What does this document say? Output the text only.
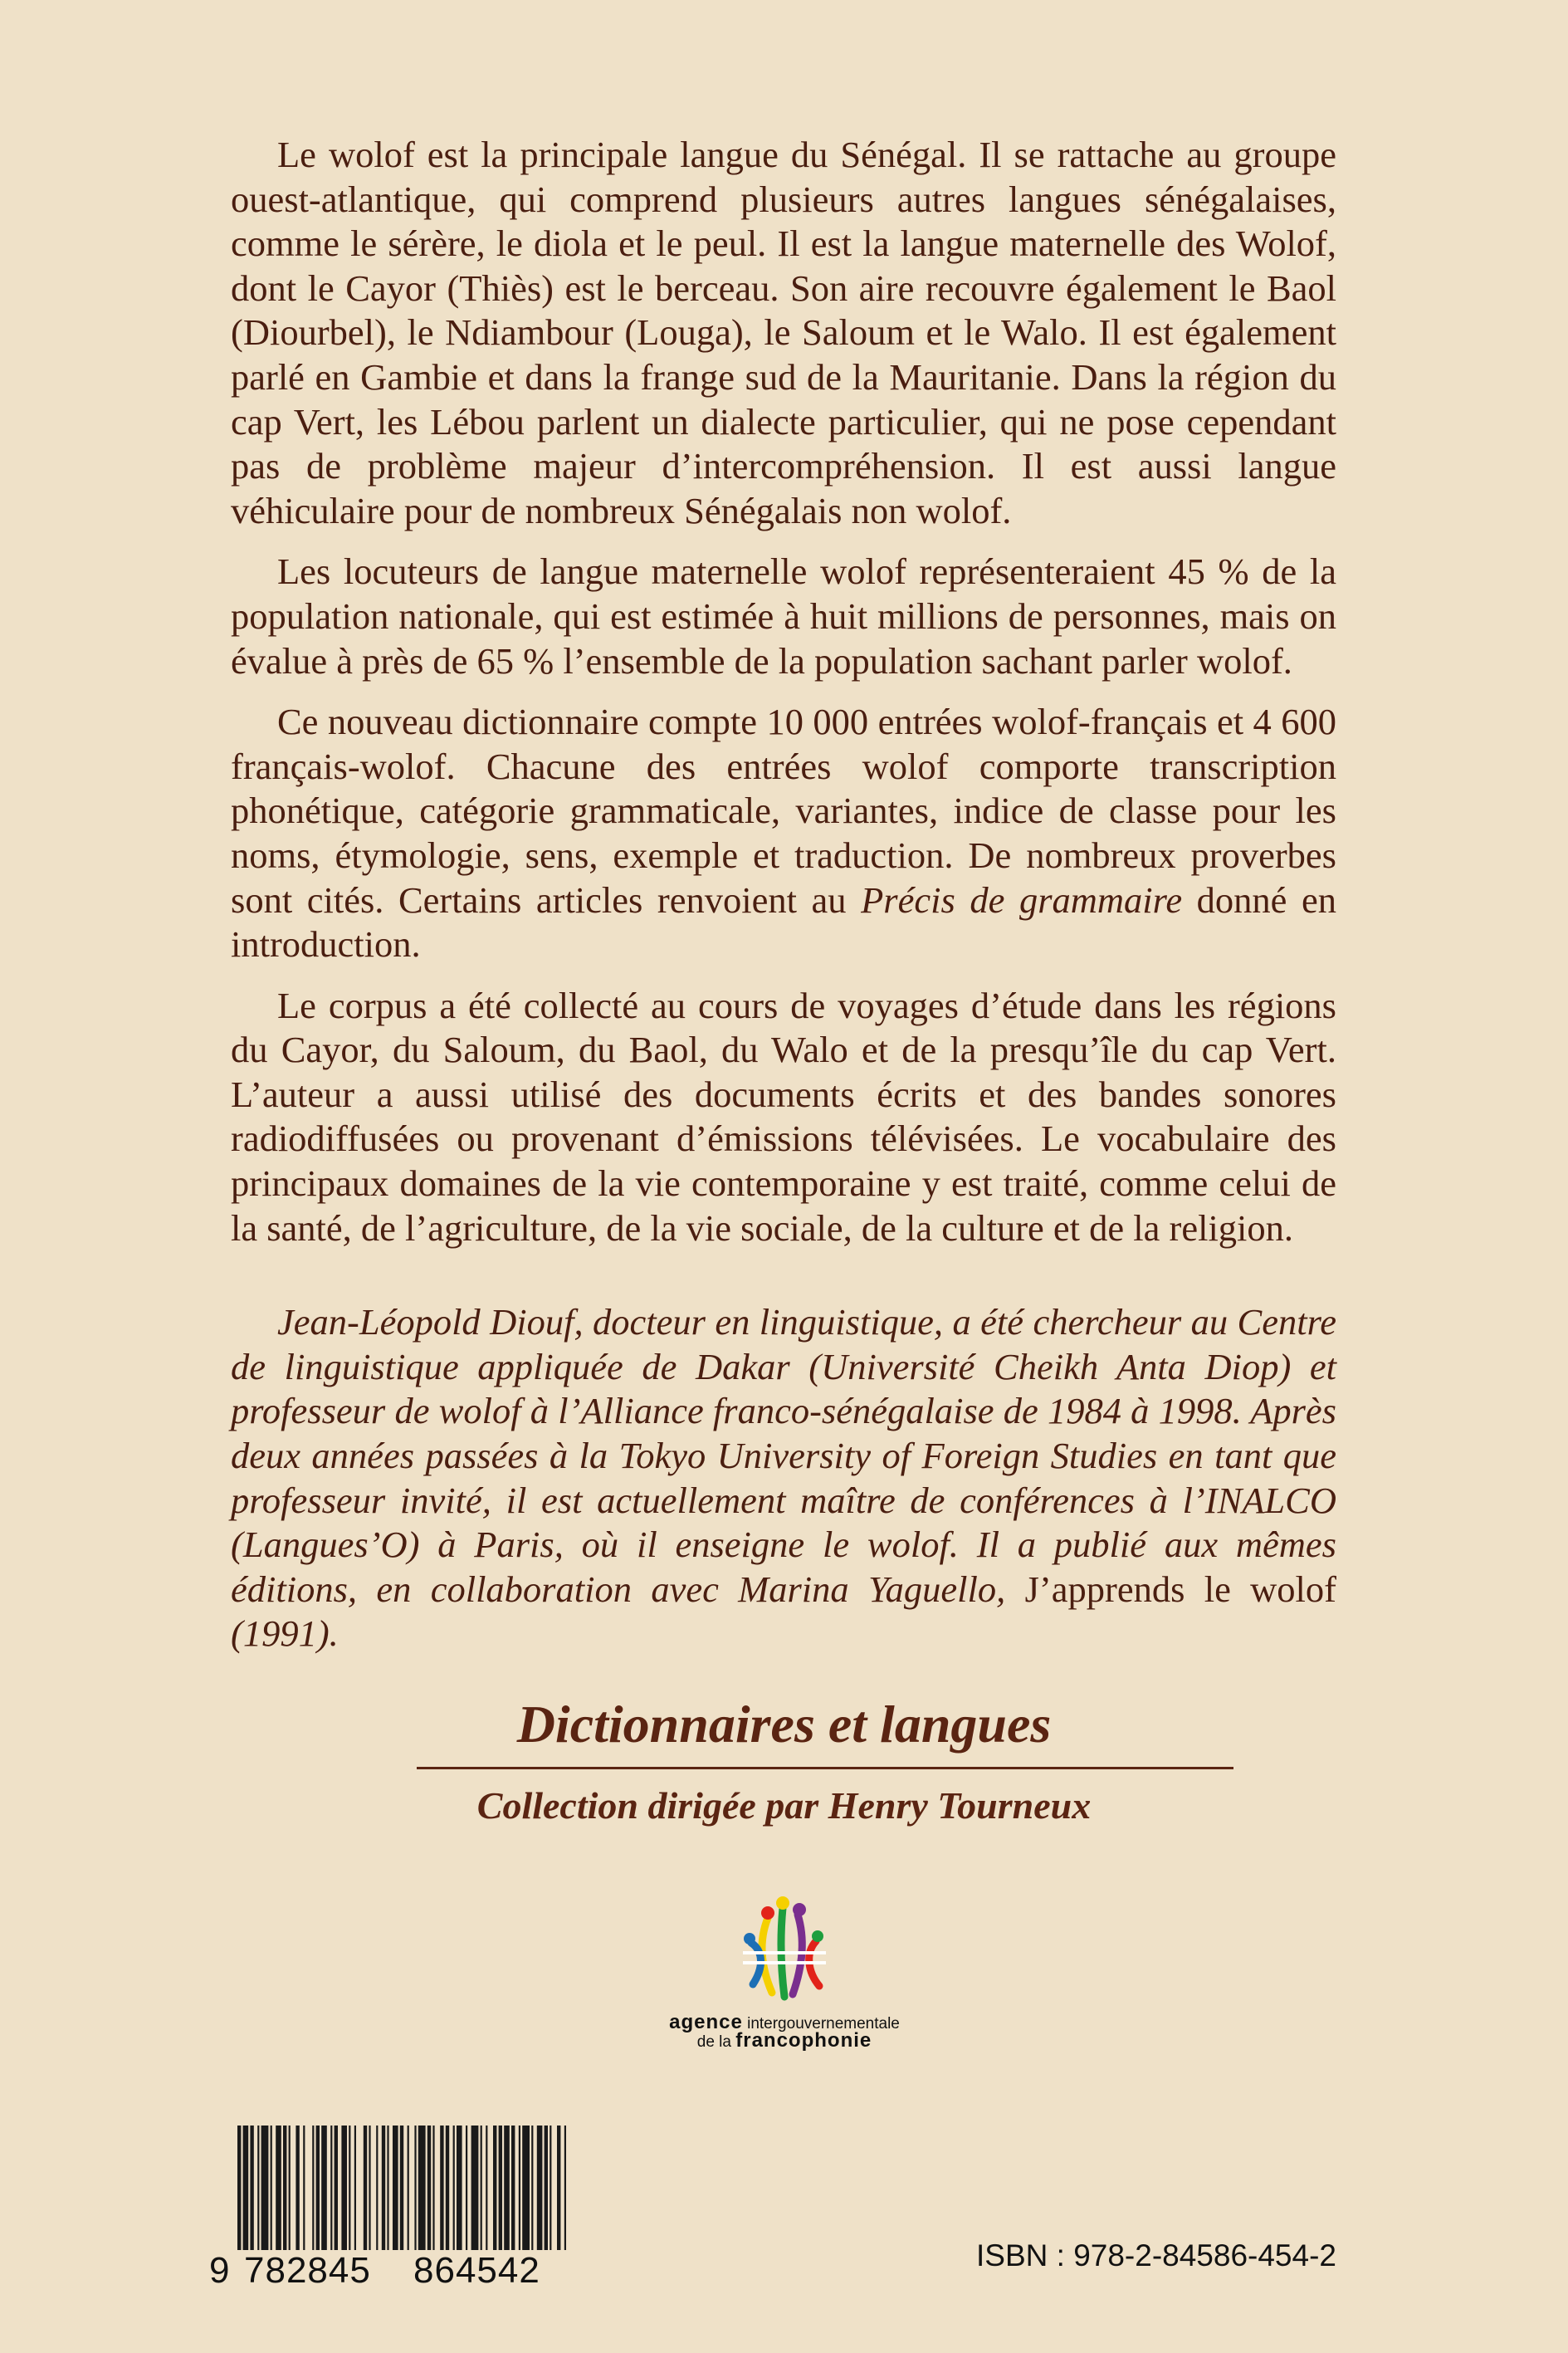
Le wolof est la principale langue du Sénégal. Il se rattache au groupe ouest-atlantique, qui comprend plusieurs autres langues sénégalaises, comme le sérère, le diola et le peul. Il est la langue maternelle des Wolof, dont le Cayor (Thiès) est le berceau. Son aire recouvre également le Baol (Diourbel), le Ndiambour (Louga), le Saloum et le Walo. Il est également parlé en Gambie et dans la frange sud de la Mauritanie. Dans la région du cap Vert, les Lébou parlent un dialecte particulier, qui ne pose cependant pas de problème majeur d’intercompréhension. Il est aussi langue véhiculaire pour de nombreux Sénégalais non wolof.

Les locuteurs de langue maternelle wolof représenteraient 45 % de la population nationale, qui est estimée à huit millions de personnes, mais on évalue à près de 65 % l’ensemble de la population sachant parler wolof.

Ce nouveau dictionnaire compte 10 000 entrées wolof-français et 4 600 français-wolof. Chacune des entrées wolof comporte transcription phonétique, catégorie grammaticale, variantes, indice de classe pour les noms, étymologie, sens, exemple et traduction. De nombreux proverbes sont cités. Certains articles renvoient au Précis de grammaire donné en introduction.

Le corpus a été collecté au cours de voyages d’étude dans les régions du Cayor, du Saloum, du Baol, du Walo et de la presqu’île du cap Vert. L’auteur a aussi utilisé des documents écrits et des bandes sonores radiodiffusées ou provenant d’émissions télévisées. Le vocabulaire des principaux domaines de la vie contemporaine y est traité, comme celui de la santé, de l’agriculture, de la vie sociale, de la culture et de la religion.

Jean-Léopold Diouf, docteur en linguistique, a été chercheur au Centre de linguistique appliquée de Dakar (Université Cheikh Anta Diop) et professeur de wolof à l’Alliance franco-sénégalaise de 1984 à 1998. Après deux années passées à la Tokyo University of Foreign Studies en tant que professeur invité, il est actuellement maître de conférences à l’INALCO (Langues’O) à Paris, où il enseigne le wolof. Il a publié aux mêmes éditions, en collaboration avec Marina Yaguello, J’apprends le wolof (1991).

Dictionnaires et langues
Collection dirigée par Henry Tourneux
agence intergouvernementale
de la francophonie
9 782845 864542	ISBN : 978-2-84586-454-2
